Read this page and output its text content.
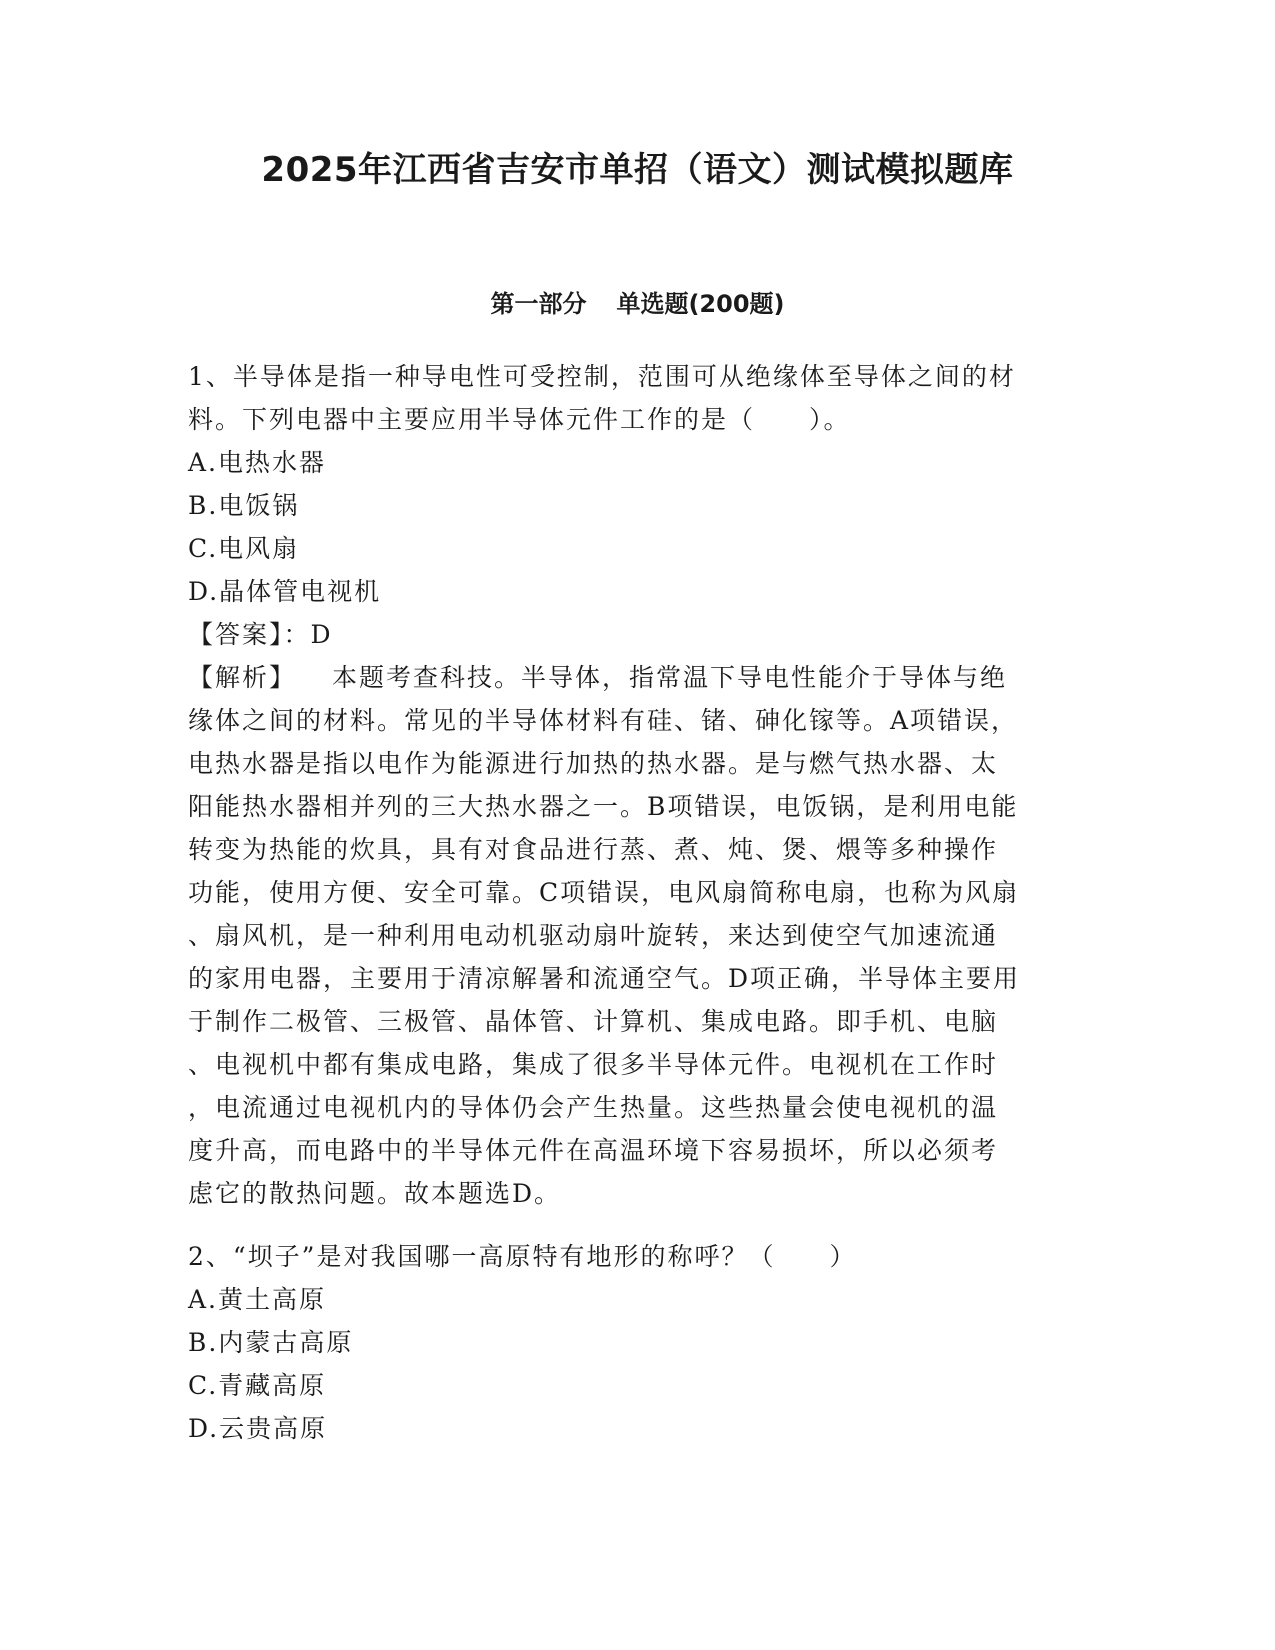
2025年江西省吉安市单招（语文）测试模拟题库
第一部分 单选题(200题)
1、半导体是指一种导电性可受控制，范围可从绝缘体至导体之间的材
料。下列电器中主要应用半导体元件工作的是（　　）。
A.电热水器
B.电饭锅
C.电风扇
D.晶体管电视机
【答案】：D
【解析】 本题考查科技。半导体，指常温下导电性能介于导体与绝
缘体之间的材料。常见的半导体材料有硅、锗、砷化镓等。A项错误，
电热水器是指以电作为能源进行加热的热水器。是与燃气热水器、太
阳能热水器相并列的三大热水器之一。B项错误，电饭锅，是利用电能
转变为热能的炊具，具有对食品进行蒸、煮、炖、煲、煨等多种操作
功能，使用方便、安全可靠。C项错误，电风扇简称电扇，也称为风扇
、扇风机，是一种利用电动机驱动扇叶旋转，来达到使空气加速流通
的家用电器，主要用于清凉解暑和流通空气。D项正确，半导体主要用
于制作二极管、三极管、晶体管、计算机、集成电路。即手机、电脑
、电视机中都有集成电路，集成了很多半导体元件。电视机在工作时
，电流通过电视机内的导体仍会产生热量。这些热量会使电视机的温
度升高，而电路中的半导体元件在高温环境下容易损坏，所以必须考
虑它的散热问题。故本题选D。
2、“坝子”是对我国哪一高原特有地形的称呼？（　　）
A.黄土高原
B.内蒙古高原
C.青藏高原
D.云贵高原
